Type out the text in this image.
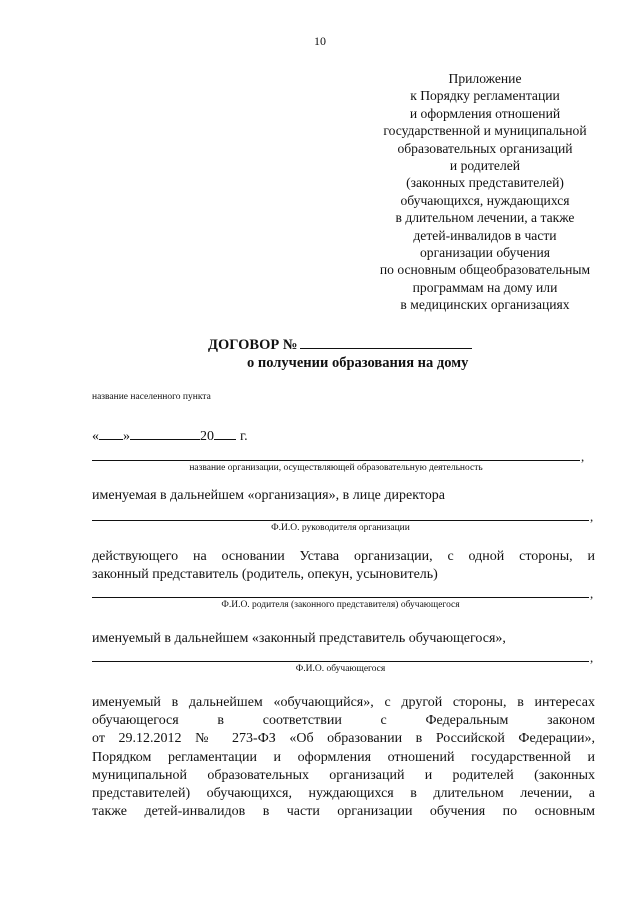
10
Приложение
к Порядку регламентации
и оформления отношений
государственной и муниципальной
образовательных организаций
и родителей
(законных представителей)
обучающихся, нуждающихся
в длительном лечении, а также
детей-инвалидов в части
организации обучения
по основным общеобразовательным
программам на дому или
в медицинских организациях
ДОГОВОР №
о получении образования на дому
название населенного пункта
« »	20 г.
,
название организации, осуществляющей образовательную деятельность
именуемая в дальнейшем «организация», в лице директора
,
Ф.И.О. руководителя организации
действующего на основании Устава организации, с одной стороны, и
законный представитель (родитель, опекун, усыновитель)
,
Ф.И.О. родителя (законного представителя) обучающегося
именуемый в дальнейшем «законный представитель обучающегося»,
,
Ф.И.О. обучающегося
именуемый в дальнейшем «обучающийся», с другой стороны, в интересах
обучающегося в соответствии с Федеральным законом
от 29.12.2012 № 273-ФЗ «Об образовании в Российской Федерации»,
Порядком регламентации и оформления отношений государственной и
муниципальной образовательных организаций и родителей (законных
представителей) обучающихся, нуждающихся в длительном лечении, а
также детей-инвалидов в части организации обучения по основным
